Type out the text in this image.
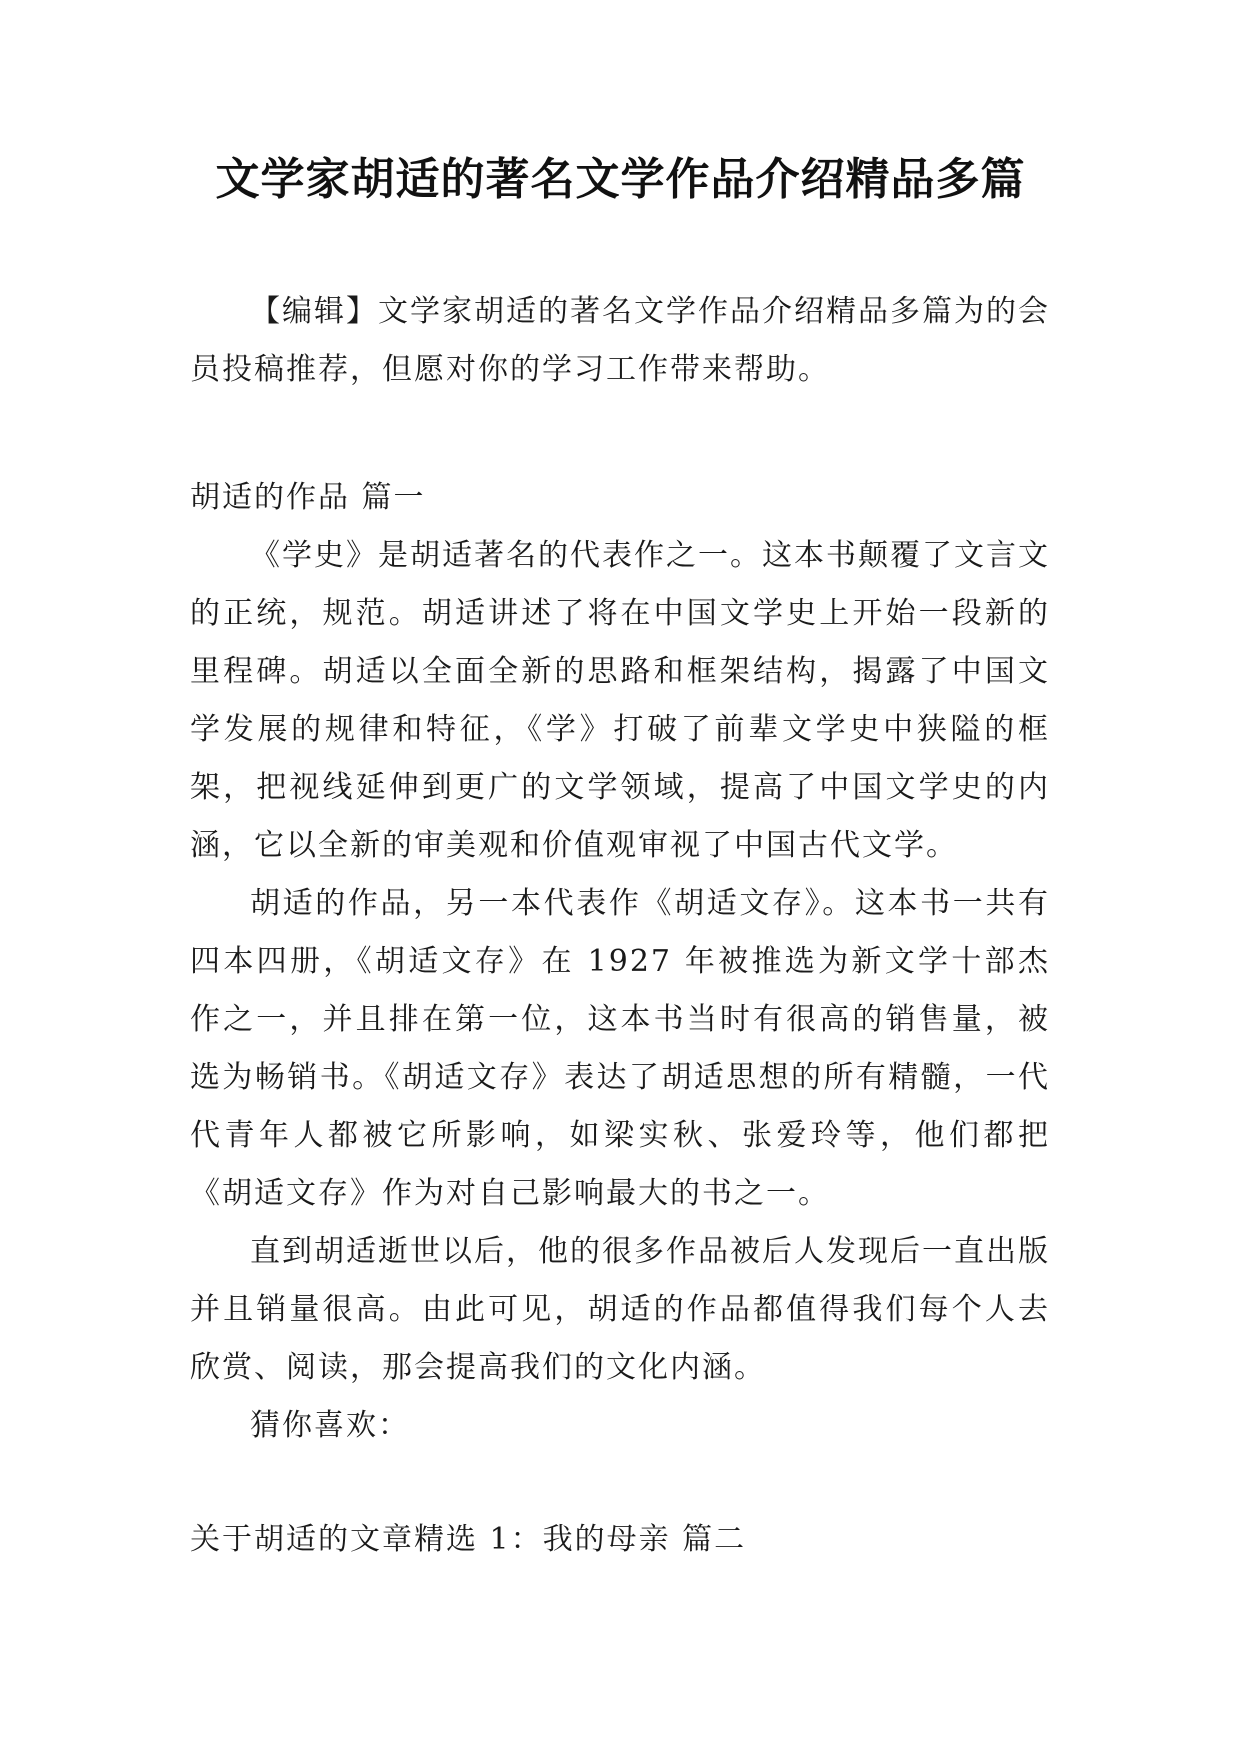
文学家胡适的著名文学作品介绍精品多篇

【编辑】文学家胡适的著名文学作品介绍精品多篇为的会员投稿推荐，但愿对你的学习工作带来帮助。

胡适的作品 篇一

《学史》是胡适著名的代表作之一。这本书颠覆了文言文的正统，规范。胡适讲述了将在中国文学史上开始一段新的里程碑。胡适以全面全新的思路和框架结构，揭露了中国文学发展的规律和特征，《学》打破了前辈文学史中狭隘的框架，把视线延伸到更广的文学领域，提高了中国文学史的内涵，它以全新的审美观和价值观审视了中国古代文学。

胡适的作品，另一本代表作《胡适文存》。这本书一共有四本四册，《胡适文存》在 1927 年被推选为新文学十部杰作之一，并且排在第一位，这本书当时有很高的销售量，被选为畅销书。《胡适文存》表达了胡适思想的所有精髓，一代代青年人都被它所影响，如梁实秋、张爱玲等，他们都把《胡适文存》作为对自己影响最大的书之一。

直到胡适逝世以后，他的很多作品被后人发现后一直出版并且销量很高。由此可见，胡适的作品都值得我们每个人去欣赏、阅读，那会提高我们的文化内涵。

猜你喜欢：

关于胡适的文章精选 1：我的母亲 篇二
